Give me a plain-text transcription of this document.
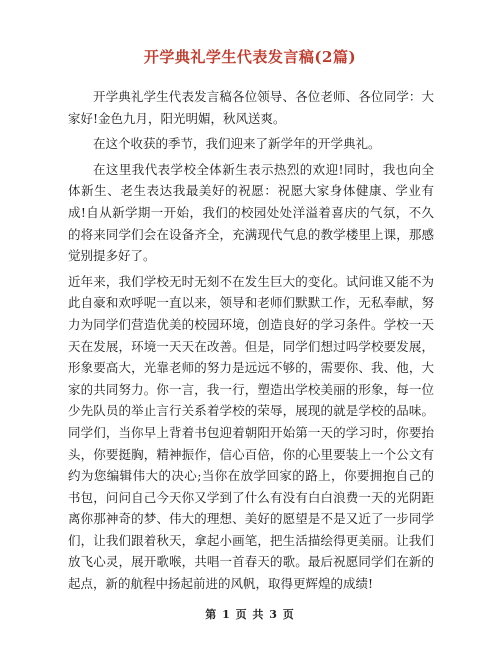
开学典礼学生代表发言稿(2篇)

开学典礼学生代表发言稿各位领导、各位老师、各位同学：大家好!金色九月，阳光明媚，秋风送爽。

在这个收获的季节，我们迎来了新学年的开学典礼。

在这里我代表学校全体新生表示热烈的欢迎!同时，我也向全体新生、老生表达我最美好的祝愿：祝愿大家身体健康、学业有成!自从新学期一开始，我们的校园处处洋溢着喜庆的气氛，不久的将来同学们会在设备齐全，充满现代气息的教学楼里上课，那感觉别提多好了。

近年来，我们学校无时无刻不在发生巨大的变化。试问谁又能不为此自豪和欢呼呢一直以来，领导和老师们默默工作，无私奉献，努力为同学们营造优美的校园环境，创造良好的学习条件。学校一天天在发展，环境一天天在改善。但是，同学们想过吗学校要发展，形象要高大，光靠老师的努力是远远不够的，需要你、我、他，大家的共同努力。你一言，我一行，塑造出学校美丽的形象，每一位少先队员的举止言行关系着学校的荣辱，展现的就是学校的品味。同学们，当你早上背着书包迎着朝阳开始第一天的学习时，你要抬头，你要挺胸，精神振作，信心百倍，你的心里要装上一个公文有约为您编辑伟大的决心;当你在放学回家的路上，你要拥抱自己的书包，问问自己今天你又学到了什么有没有白白浪费一天的光阴距离你那神奇的梦、伟大的理想、美好的愿望是不是又近了一步同学们，让我们跟着秋天，拿起小画笔，把生活描绘得更美丽。让我们放飞心灵，展开歌喉，共唱一首春天的歌。最后祝愿同学们在新的起点，新的航程中扬起前进的风帆，取得更辉煌的成绩!

第 1 页 共 3 页
